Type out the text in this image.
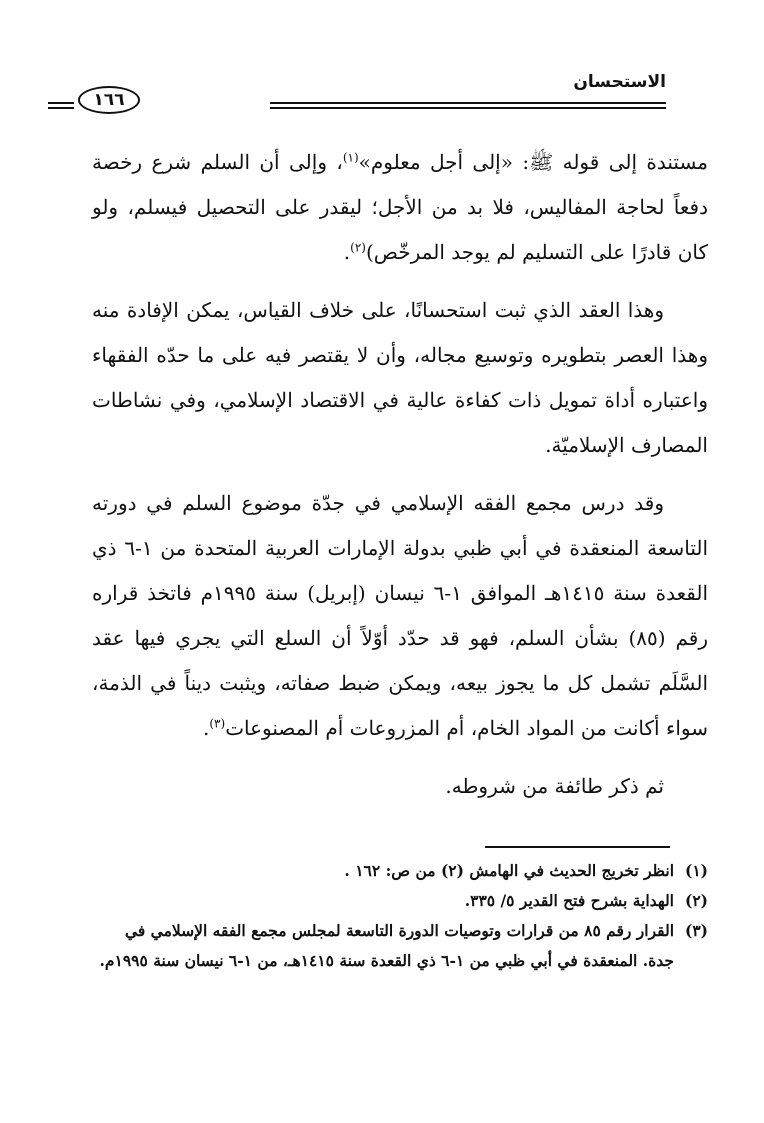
الاستحسان
١٦٦

مستندة إلى قوله ﷺ: «إلى أجل معلوم»$^{(١)}$، وإلى أن السلم شرع رخصة دفعاً لحاجة المفاليس، فلا بد من الأجل؛ ليقدر على التحصيل فيسلم، ولو كان قادرًا على التسليم لم يوجد المرخّص)$^{(٢)}$.

وهذا العقد الذي ثبت استحسانًا، على خلاف القياس، يمكن الإفادة منه وهذا العصر بتطويره وتوسيع مجاله، وأن لا يقتصر فيه على ما حدّه الفقهاء واعتباره أداة تمويل ذات كفاءة عالية في الاقتصاد الإسلامي، وفي نشاطات المصارف الإسلاميّة.

وقد درس مجمع الفقه الإسلامي في جدّة موضوع السلم في دورته التاسعة المنعقدة في أبي ظبي بدولة الإمارات العربية المتحدة من ١-٦ ذي القعدة سنة ١٤١٥هـ الموافق ١-٦ نيسان (إبريل) سنة ١٩٩٥م فاتخذ قراره رقم (٨٥) بشأن السلم، فهو قد حدّد أوّلاً أن السلع التي يجري فيها عقد السَّلَم تشمل كل ما يجوز بيعه، ويمكن ضبط صفاته، ويثبت ديناً في الذمة، سواء أكانت من المواد الخام، أم المزروعات أم المصنوعات$^{(٣)}$.

ثم ذكر طائفة من شروطه.

(١)
انظر تخريج الحديث في الهامش (٢) من ص: ١٦٢ .
(٢)
الهداية بشرح فتح القدير ٥/ ٣٣٥.
(٣)
القرار رقم ٨٥ من قرارات وتوصيات الدورة التاسعة لمجلس مجمع الفقه الإسلامي في جدة. المنعقدة في أبي ظبي من ١-٦ ذي القعدة سنة ١٤١٥هـ، من ١-٦ نيسان سنة ١٩٩٥م.
